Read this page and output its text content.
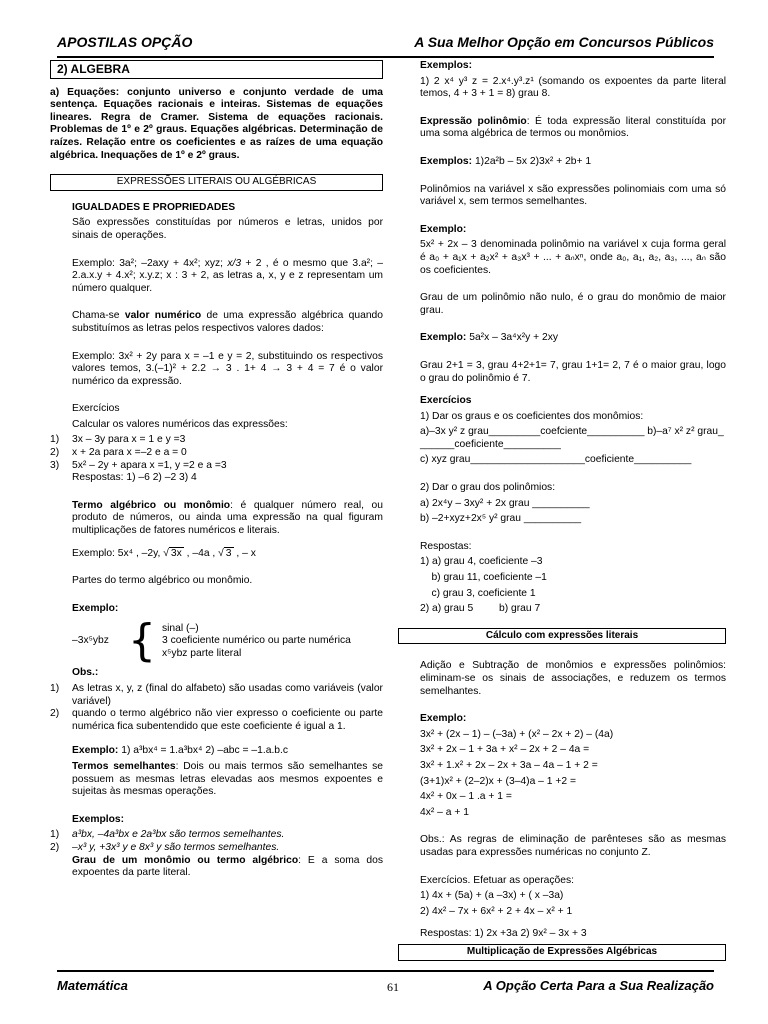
APOSTILAS OPÇÃO	A Sua Melhor Opção em Concursos Públicos
2) ALGEBRA
a) Equações: conjunto universo e conjunto verdade de uma sentença. Equações racionais e inteiras. Sistemas de equações lineares. Regra de Cramer. Sistema de equações racionais. Problemas de 1º e 2º graus. Equações algébricas. Determinação de raízes. Relação entre os coeficientes e as raízes de uma equação algébrica. Inequações de 1º e 2º graus.
EXPRESSÕES LITERAIS OU ALGÉBRICAS
IGUALDADES E PROPRIEDADES
São expressões constituídas por números e letras, unidos por sinais de operações.
Exemplo: 3a²; –2axy + 4x²; xyz; x/3 + 2 , é o mesmo que 3.a²; –2.a.x.y + 4.x²; x.y.z; x : 3 + 2, as letras a, x, y e z representam um número qualquer.
Chama-se valor numérico de uma expressão algébrica quando substituímos as letras pelos respectivos valores dados:
Exemplo: 3x² + 2y para x = –1 e y = 2, substituindo os respectivos valores temos, 3.(–1)² + 2.2 → 3 . 1+ 4 → 3 + 4 = 7 é o valor numérico da expressão.
Exercícios
Calcular os valores numéricos das expressões:
1)	3x – 3y para x = 1 e y =3
2)	x + 2a para x =–2 e a = 0
3)	5x² – 2y + apara x =1, y =2 e a =3
Respostas: 1) –6 2) –2 3) 4
Termo algébrico ou monômio: é qualquer número real, ou produto de números, ou ainda uma expressão na qual figuram multiplicações de fatores numéricos e literais.
Exemplo: 5x⁴ , –2y, √ 3x , –4a , √ 3 , – x
Partes do termo algébrico ou monômio.
Exemplo:
–3x⁵ybz { sinal (–)
3 coeficiente numérico ou parte numérica
x⁵ybz parte literal
Obs.:
1)	As letras x, y, z (final do alfabeto) são usadas como variáveis (valor variável)
2)	quando o termo algébrico não vier expresso o coeficiente ou parte numérica fica subentendido que este coeficiente é igual a 1.
Exemplo: 1) a³bx⁴ = 1.a³bx⁴ 2) –abc = –1.a.b.c
Termos semelhantes: Dois ou mais termos são semelhantes se possuem as mesmas letras elevadas aos mesmos expoentes e sujeitas às mesmas operações.
Exemplos:
1)	a³bx, –4a³bx e 2a³bx são termos semelhantes.
2)	–x³ y, +3x³ y e 8x³ y são termos semelhantes.
Grau de um monômio ou termo algébrico: E a soma dos expoentes da parte literal.
Exemplos:
1) 2 x⁴ y³ z = 2.x⁴.y³.z¹ (somando os expoentes da parte literal temos, 4 + 3 + 1 = 8) grau 8.
Expressão polinômio: É toda expressão literal constituída por uma soma algébrica de termos ou monômios.
Exemplos: 1)2a²b – 5x 2)3x² + 2b+ 1
Polinômios na variável x são expressões polinomiais com uma só variável x, sem termos semelhantes.
Exemplo:
5x² + 2x – 3 denominada polinômio na variável x cuja forma geral é a₀ + a₁x + a₂x² + a₃x³ + ... + aₙxⁿ, onde a₀, a₁, a₂, a₃, ..., aₙ são os coeficientes.
Grau de um polinômio não nulo, é o grau do monômio de maior grau.
Exemplo: 5a²x – 3a⁴x²y + 2xy
Grau 2+1 = 3, grau 4+2+1= 7, grau 1+1= 2, 7 é o maior grau, logo o grau do polinômio é 7.
Exercícios
1) Dar os graus e os coeficientes dos monômios:
a)–3x y² z grau_________coefciente__________ b)–a⁷ x² z² grau_ ______coeficiente__________
c) xyz grau____________________coeficiente__________
2) Dar o grau dos polinômios:
a) 2x⁴y – 3xy² + 2x grau __________
b) –2+xyz+2x⁵ y² grau __________
Respostas:
1) a) grau 4, coeficiente –3
b) grau 11, coeficiente –1
c) grau 3, coeficiente 1
2) a) grau 5         b) grau 7
Cálculo com expressões literais
Adição e Subtração de monômios e expressões polinômios: eliminam-se os sinais de associações, e reduzem os termos semelhantes.
Exemplo:
3x² + (2x – 1) – (–3a) + (x² – 2x + 2) – (4a)
3x² + 2x – 1 + 3a + x² – 2x + 2 – 4a =
3x² + 1.x² + 2x – 2x + 3a – 4a – 1 + 2 =
(3+1)x² + (2–2)x + (3–4)a – 1 +2 =
4x² + 0x – 1 .a + 1 =
4x² – a + 1
Obs.: As regras de eliminação de parênteses são as mesmas usadas para expressões numéricas no conjunto Z.
Exercícios. Efetuar as operações:
1) 4x + (5a) + (a –3x) + ( x –3a)
2) 4x² – 7x + 6x² + 2 + 4x – x² + 1
Respostas: 1) 2x +3a 2) 9x² – 3x + 3
Multiplicação de Expressões Algébricas
Matemática	61	A Opção Certa Para a Sua Realização
